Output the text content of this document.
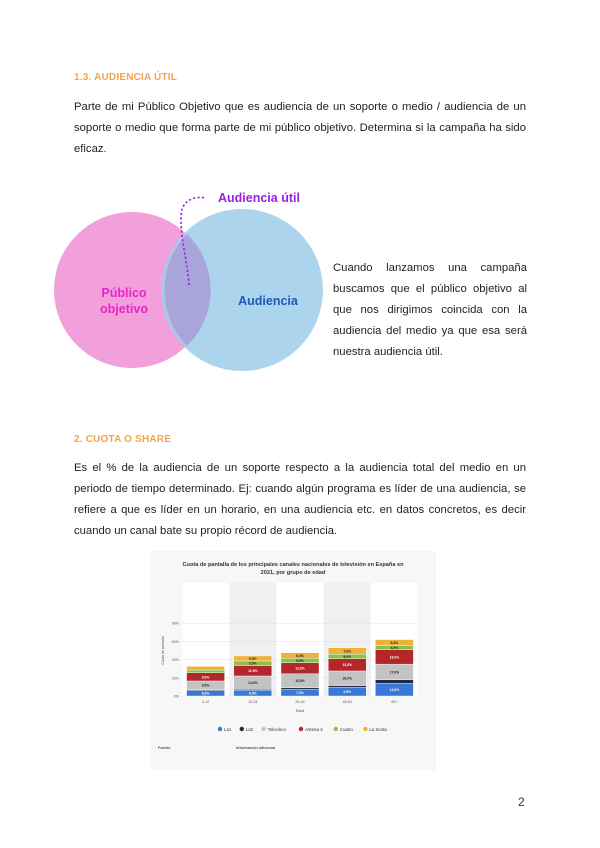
1.3. AUDIENCIA ÚTIL
Parte de mi Público Objetivo que es audiencia de un soporte o medio / audiencia de un soporte o medio que forma parte de mi público objetivo. Determina si la campaña ha sido eficaz.
Audiencia útil
Público
objetivo
Audiencia
Cuando lanzamos una campaña buscamos que el público objetivo al que nos dirigimos coincida con la audiencia del medio ya que esa será nuestra audiencia útil.
2. CUOTA O SHARE
Es el % de la audiencia de un soporte respecto a la audiencia total del medio en un periodo de tiempo determinado. Ej: cuando algún programa es líder de una audiencia, se refiere a que es líder en un horario, en una audiencia etc. en datos concretos, es decir cuando un canal bate su propio récord de audiencia.
Cuota de pantalla de los principales canales nacionales de televisión en España en
2021, por grupo de edad
0%
20%
40%
60%
80%
Cuota de pantalla
6,0%
9,5%
9,0%
4-12
6,5%
14,5%
11,5%
5,0%
5,5%
13-24
7,5%
15,5%
12,0%
5,0%
6,0%
25-44
9,5%
16,0%
13,5%
5,0%
7,0%
45-64
14,0%
17,0%
16,0%
4,5%
6,5%
65+
Edad
La1	La2	Telecinco	Antena 3	Cuatro	La Sexta
Fuente	Información adicional
2
